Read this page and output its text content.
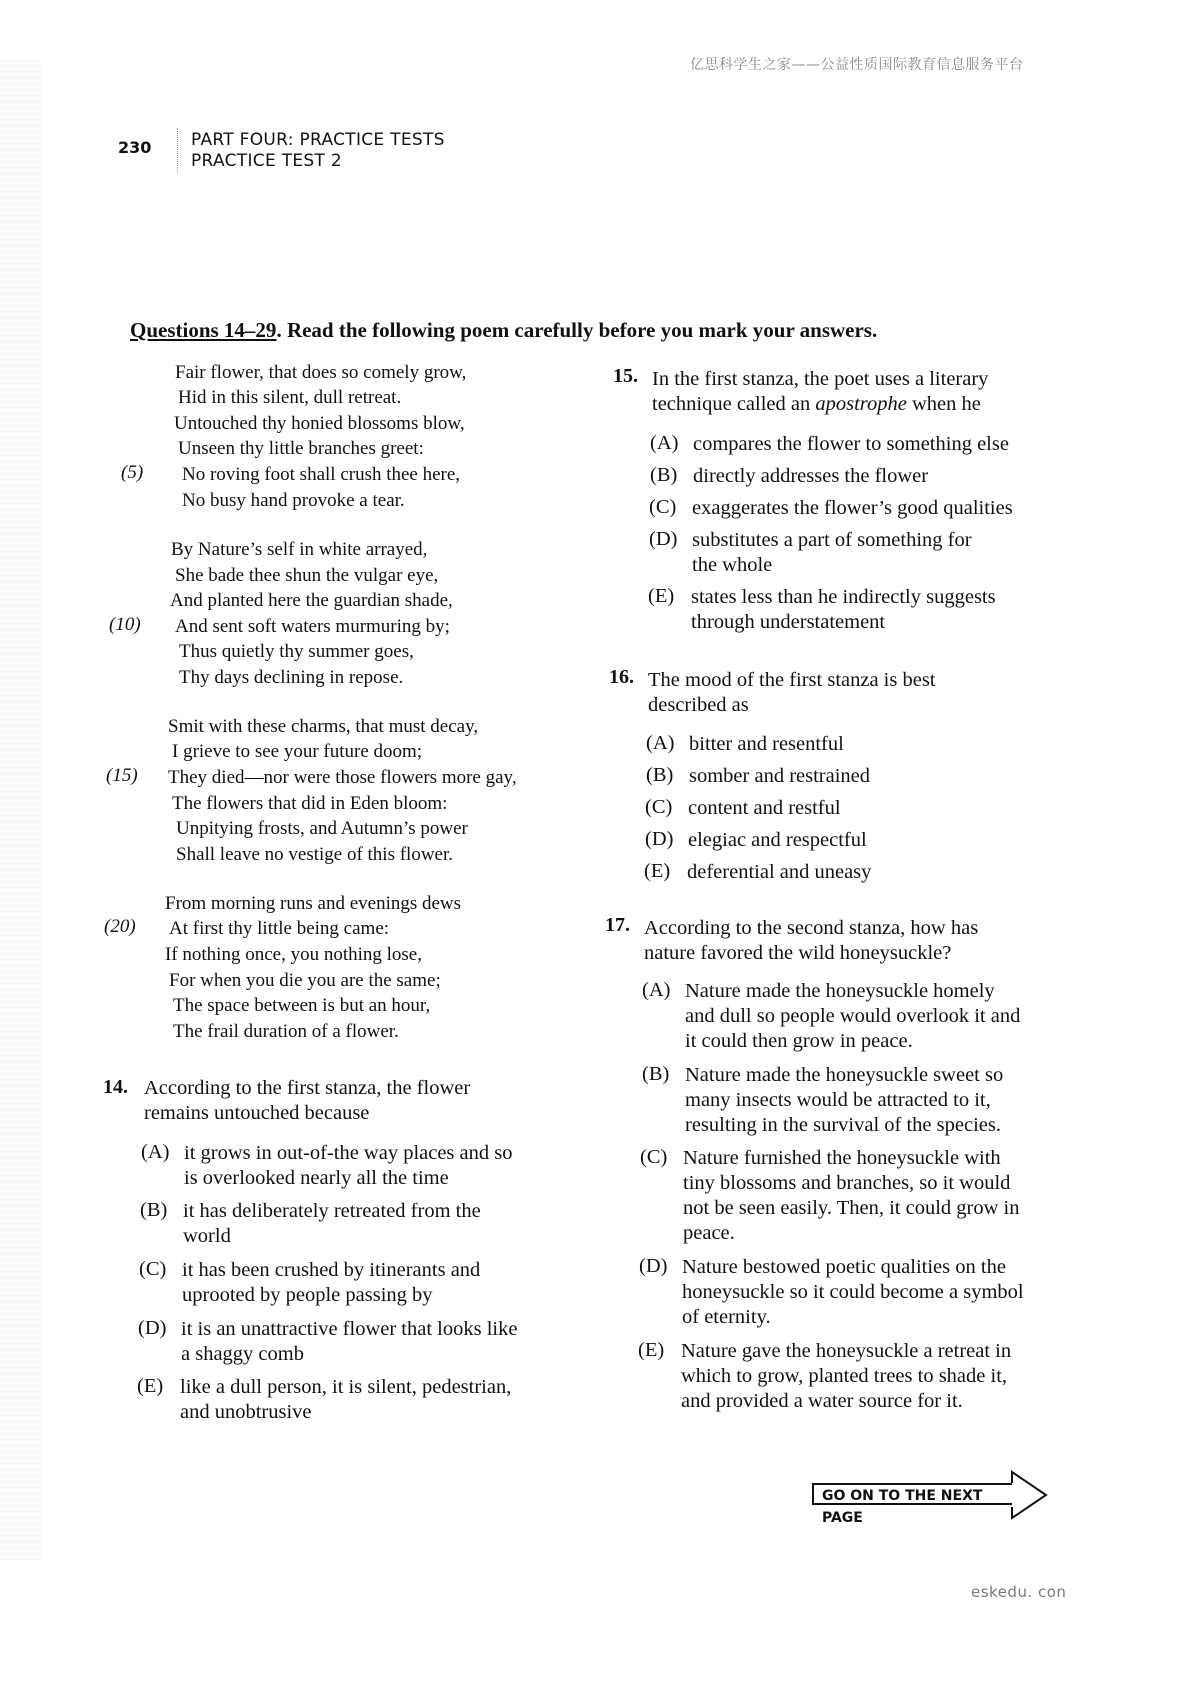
亿思科学生之家——公益性质国际教育信息服务平台
230 PART FOUR: PRACTICE TESTS
PRACTICE TEST 2
Questions 14–29. Read the following poem carefully before you mark your answers.
Fair flower, that does so comely grow,
Hid in this silent, dull retreat.
Untouched thy honied blossoms blow,
Unseen thy little branches greet:
No roving foot shall crush thee here,
No busy hand provoke a tear.
By Nature’s self in white arrayed,
She bade thee shun the vulgar eye,
And planted here the guardian shade,
And sent soft waters murmuring by;
Thus quietly thy summer goes,
Thy days declining in repose.
Smit with these charms, that must decay,
I grieve to see your future doom;
They died—nor were those flowers more gay,
The flowers that did in Eden bloom:
Unpitying frosts, and Autumn’s power
Shall leave no vestige of this flower.
From morning runs and evenings dews
At first thy little being came:
If nothing once, you nothing lose,
For when you die you are the same;
The space between is but an hour,
The frail duration of a flower.
(5)
(10)
(15)
(20)
14. According to the first stanza, the flower
remains untouched because
(A) it grows in out-of-the way places and so
is overlooked nearly all the time
(B) it has deliberately retreated from the
world
(C) it has been crushed by itinerants and
uprooted by people passing by
(D) it is an unattractive flower that looks like
a shaggy comb
(E) like a dull person, it is silent, pedestrian,
and unobtrusive
15. In the first stanza, the poet uses a literary
technique called an apostrophe when he
(A) compares the flower to something else
(B) directly addresses the flower
(C) exaggerates the flower’s good qualities
(D) substitutes a part of something for
the whole
(E) states less than he indirectly suggests
through understatement
16. The mood of the first stanza is best
described as
(A) bitter and resentful
(B) somber and restrained
(C) content and restful
(D) elegiac and respectful
(E) deferential and uneasy
17. According to the second stanza, how has
nature favored the wild honeysuckle?
(A) Nature made the honeysuckle homely
and dull so people would overlook it and
it could then grow in peace.
(B) Nature made the honeysuckle sweet so
many insects would be attracted to it,
resulting in the survival of the species.
(C) Nature furnished the honeysuckle with
tiny blossoms and branches, so it would
not be seen easily. Then, it could grow in
peace.
(D) Nature bestowed poetic qualities on the
honeysuckle so it could become a symbol
of eternity.
(E) Nature gave the honeysuckle a retreat in
which to grow, planted trees to shade it,
and provided a water source for it.
GO ON TO THE NEXT PAGE
eskedu. con
